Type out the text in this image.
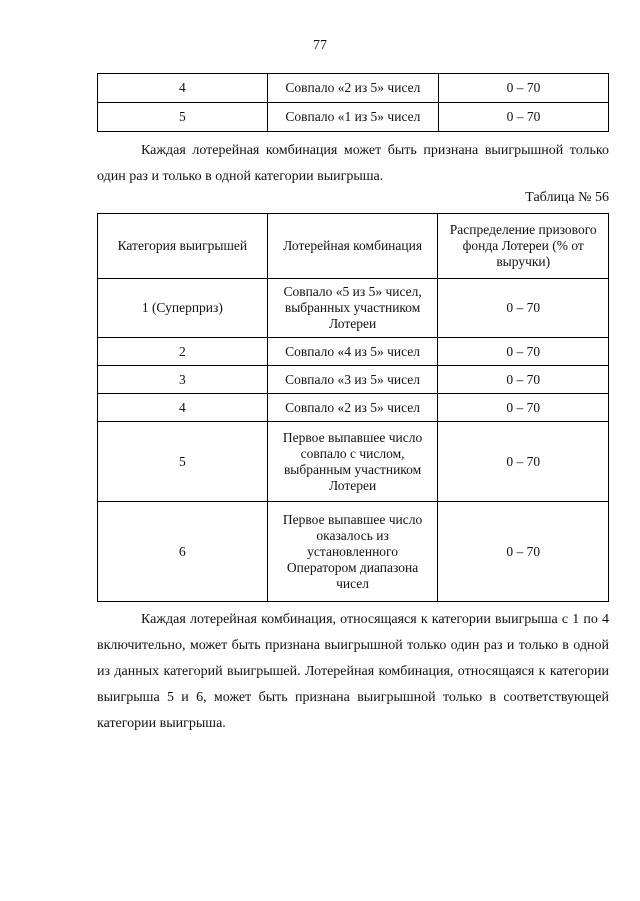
77
4	Совпало «2 из 5» чисел	0 – 70
5	Совпало «1 из 5» чисел	0 – 70

Каждая лотерейная комбинация может быть признана выигрышной только один раз и только в одной категории выигрыша.

Таблица № 56
Категория выигрышей	Лотерейная комбинация	Распределение призового фонда Лотереи (% от выручки)
1 (Суперприз)	Совпало «5 из 5» чисел, выбранных участником Лотереи	0 – 70
2	Совпало «4 из 5» чисел	0 – 70
3	Совпало «3 из 5» чисел	0 – 70
4	Совпало «2 из 5» чисел	0 – 70
5	Первое выпавшее число совпало с числом, выбранным участником Лотереи	0 – 70
6	Первое выпавшее число оказалось из установленного Оператором диапазона чисел	0 – 70

Каждая лотерейная комбинация, относящаяся к категории выигрыша с 1 по 4 включительно, может быть признана выигрышной только один раз и только в одной из данных категорий выигрышей. Лотерейная комбинация, относящаяся к категории выигрыша 5 и 6, может быть признана выигрышной только в соответствующей категории выигрыша.
